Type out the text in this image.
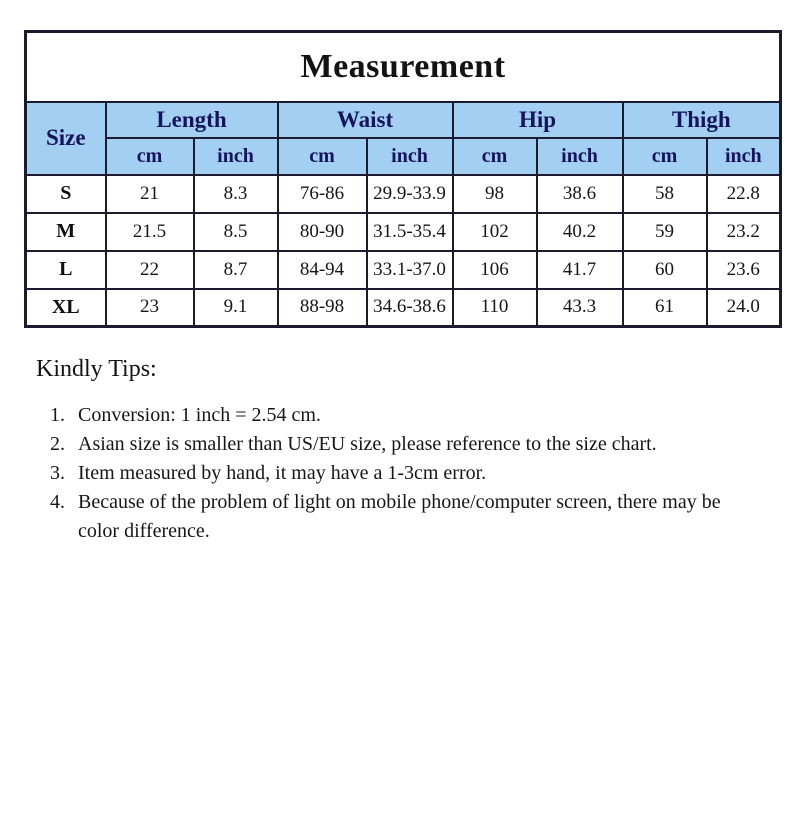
Measurement								
Size	Length		Waist		Hip		Thigh	
	cm	inch	cm	inch	cm	inch	cm	inch
S	21	8.3	76-86	29.9-33.9	98	38.6	58	22.8
M	21.5	8.5	80-90	31.5-35.4	102	40.2	59	23.2
L	22	8.7	84-94	33.1-37.0	106	41.7	60	23.6
XL	23	9.1	88-98	34.6-38.6	110	43.3	61	24.0
Kindly Tips:
1. Conversion: 1 inch = 2.54 cm.
2. Asian size is smaller than US/EU size, please reference to the size chart.
3. Item measured by hand, it may have a 1-3cm error.
4. Because of the problem of light on mobile phone/computer screen, there may be color difference.
